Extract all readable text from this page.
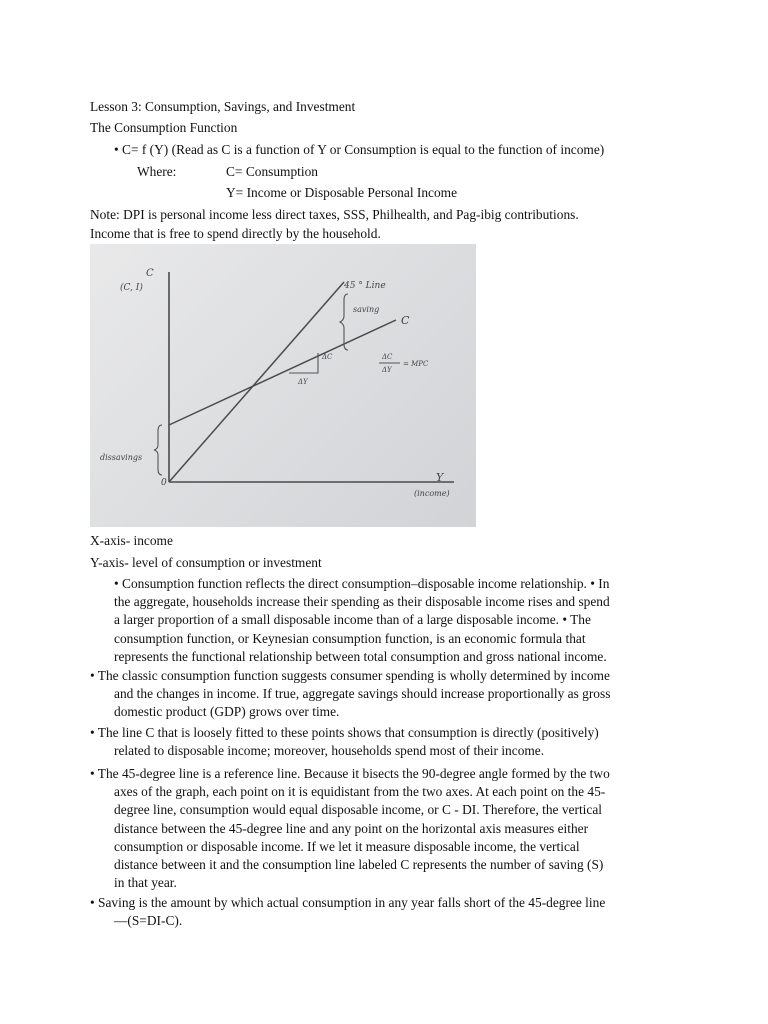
Lesson 3: Consumption, Savings, and Investment
The Consumption Function
• C= f (Y) (Read as C is a function of Y or Consumption is equal to the function of income)
Where:	C= Consumption
Y= Income or Disposable Personal Income
Note: DPI is personal income less direct taxes, SSS, Philhealth, and Pag-ibig contributions.
Income that is free to spend directly by the household.
C
(C, I)
0	Y
(income)
45 ° Line
saving
C
dissavings
ΔC
ΔY
ΔC
ΔY
= MPC
X-axis- income
Y-axis- level of consumption or investment
• Consumption function reflects the direct consumption–disposable income relationship. • In
the aggregate, households increase their spending as their disposable income rises and spend
a larger proportion of a small disposable income than of a large disposable income. • The
consumption function, or Keynesian consumption function, is an economic formula that
represents the functional relationship between total consumption and gross national income.
• The classic consumption function suggests consumer spending is wholly determined by income
and the changes in income. If true, aggregate savings should increase proportionally as gross
domestic product (GDP) grows over time.
• The line C that is loosely fitted to these points shows that consumption is directly (positively)
related to disposable income; moreover, households spend most of their income.
• The 45-degree line is a reference line. Because it bisects the 90-degree angle formed by the two
axes of the graph, each point on it is equidistant from the two axes. At each point on the 45-
degree line, consumption would equal disposable income, or C - DI. Therefore, the vertical
distance between the 45-degree line and any point on the horizontal axis measures either
consumption or disposable income. If we let it measure disposable income, the vertical
distance between it and the consumption line labeled C represents the number of saving (S)
in that year.
• Saving is the amount by which actual consumption in any year falls short of the 45-degree line
—(S=DI-C).
